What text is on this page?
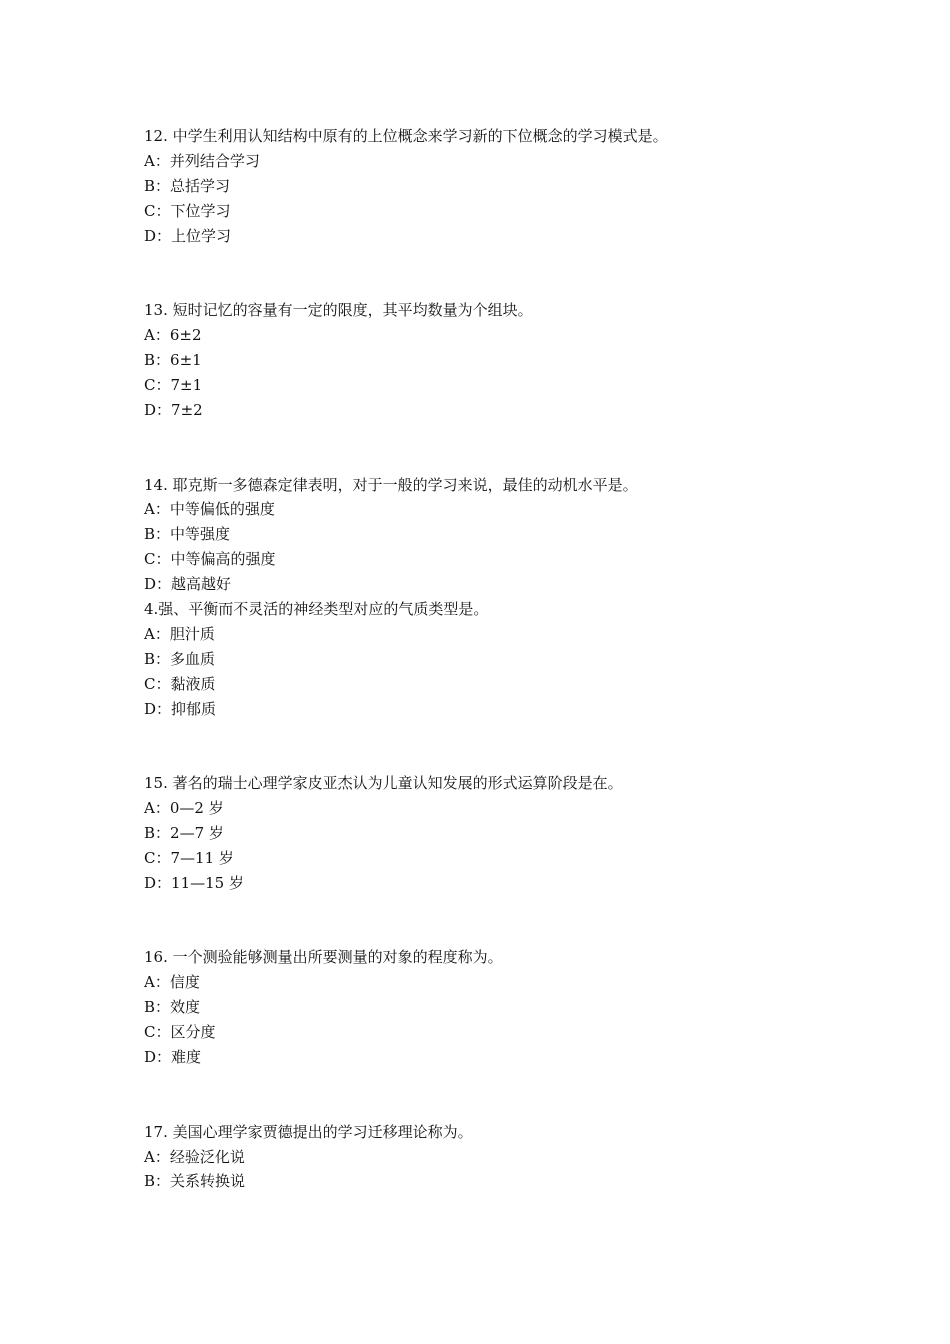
12. 中学生利用认知结构中原有的上位概念来学习新的下位概念的学习模式是。
A：并列结合学习
B：总括学习
C：下位学习
D：上位学习
13. 短时记忆的容量有一定的限度，其平均数量为个组块。
A：6±2
B：6±1
C：7±1
D：7±2
14. 耶克斯一多德森定律表明，对于一般的学习来说，最佳的动机水平是。
A：中等偏低的强度
B：中等强度
C：中等偏高的强度
D：越高越好
4.强、平衡而不灵活的神经类型对应的气质类型是。
A：胆汁质
B：多血质
C：黏液质
D：抑郁质
15. 著名的瑞士心理学家皮亚杰认为儿童认知发展的形式运算阶段是在。
A：0—2 岁
B：2—7 岁
C：7—11 岁
D：11—15 岁
16. 一个测验能够测量出所要测量的对象的程度称为。
A：信度
B：效度
C：区分度
D：难度
17. 美国心理学家贾德提出的学习迁移理论称为。
A：经验泛化说
B：关系转换说
